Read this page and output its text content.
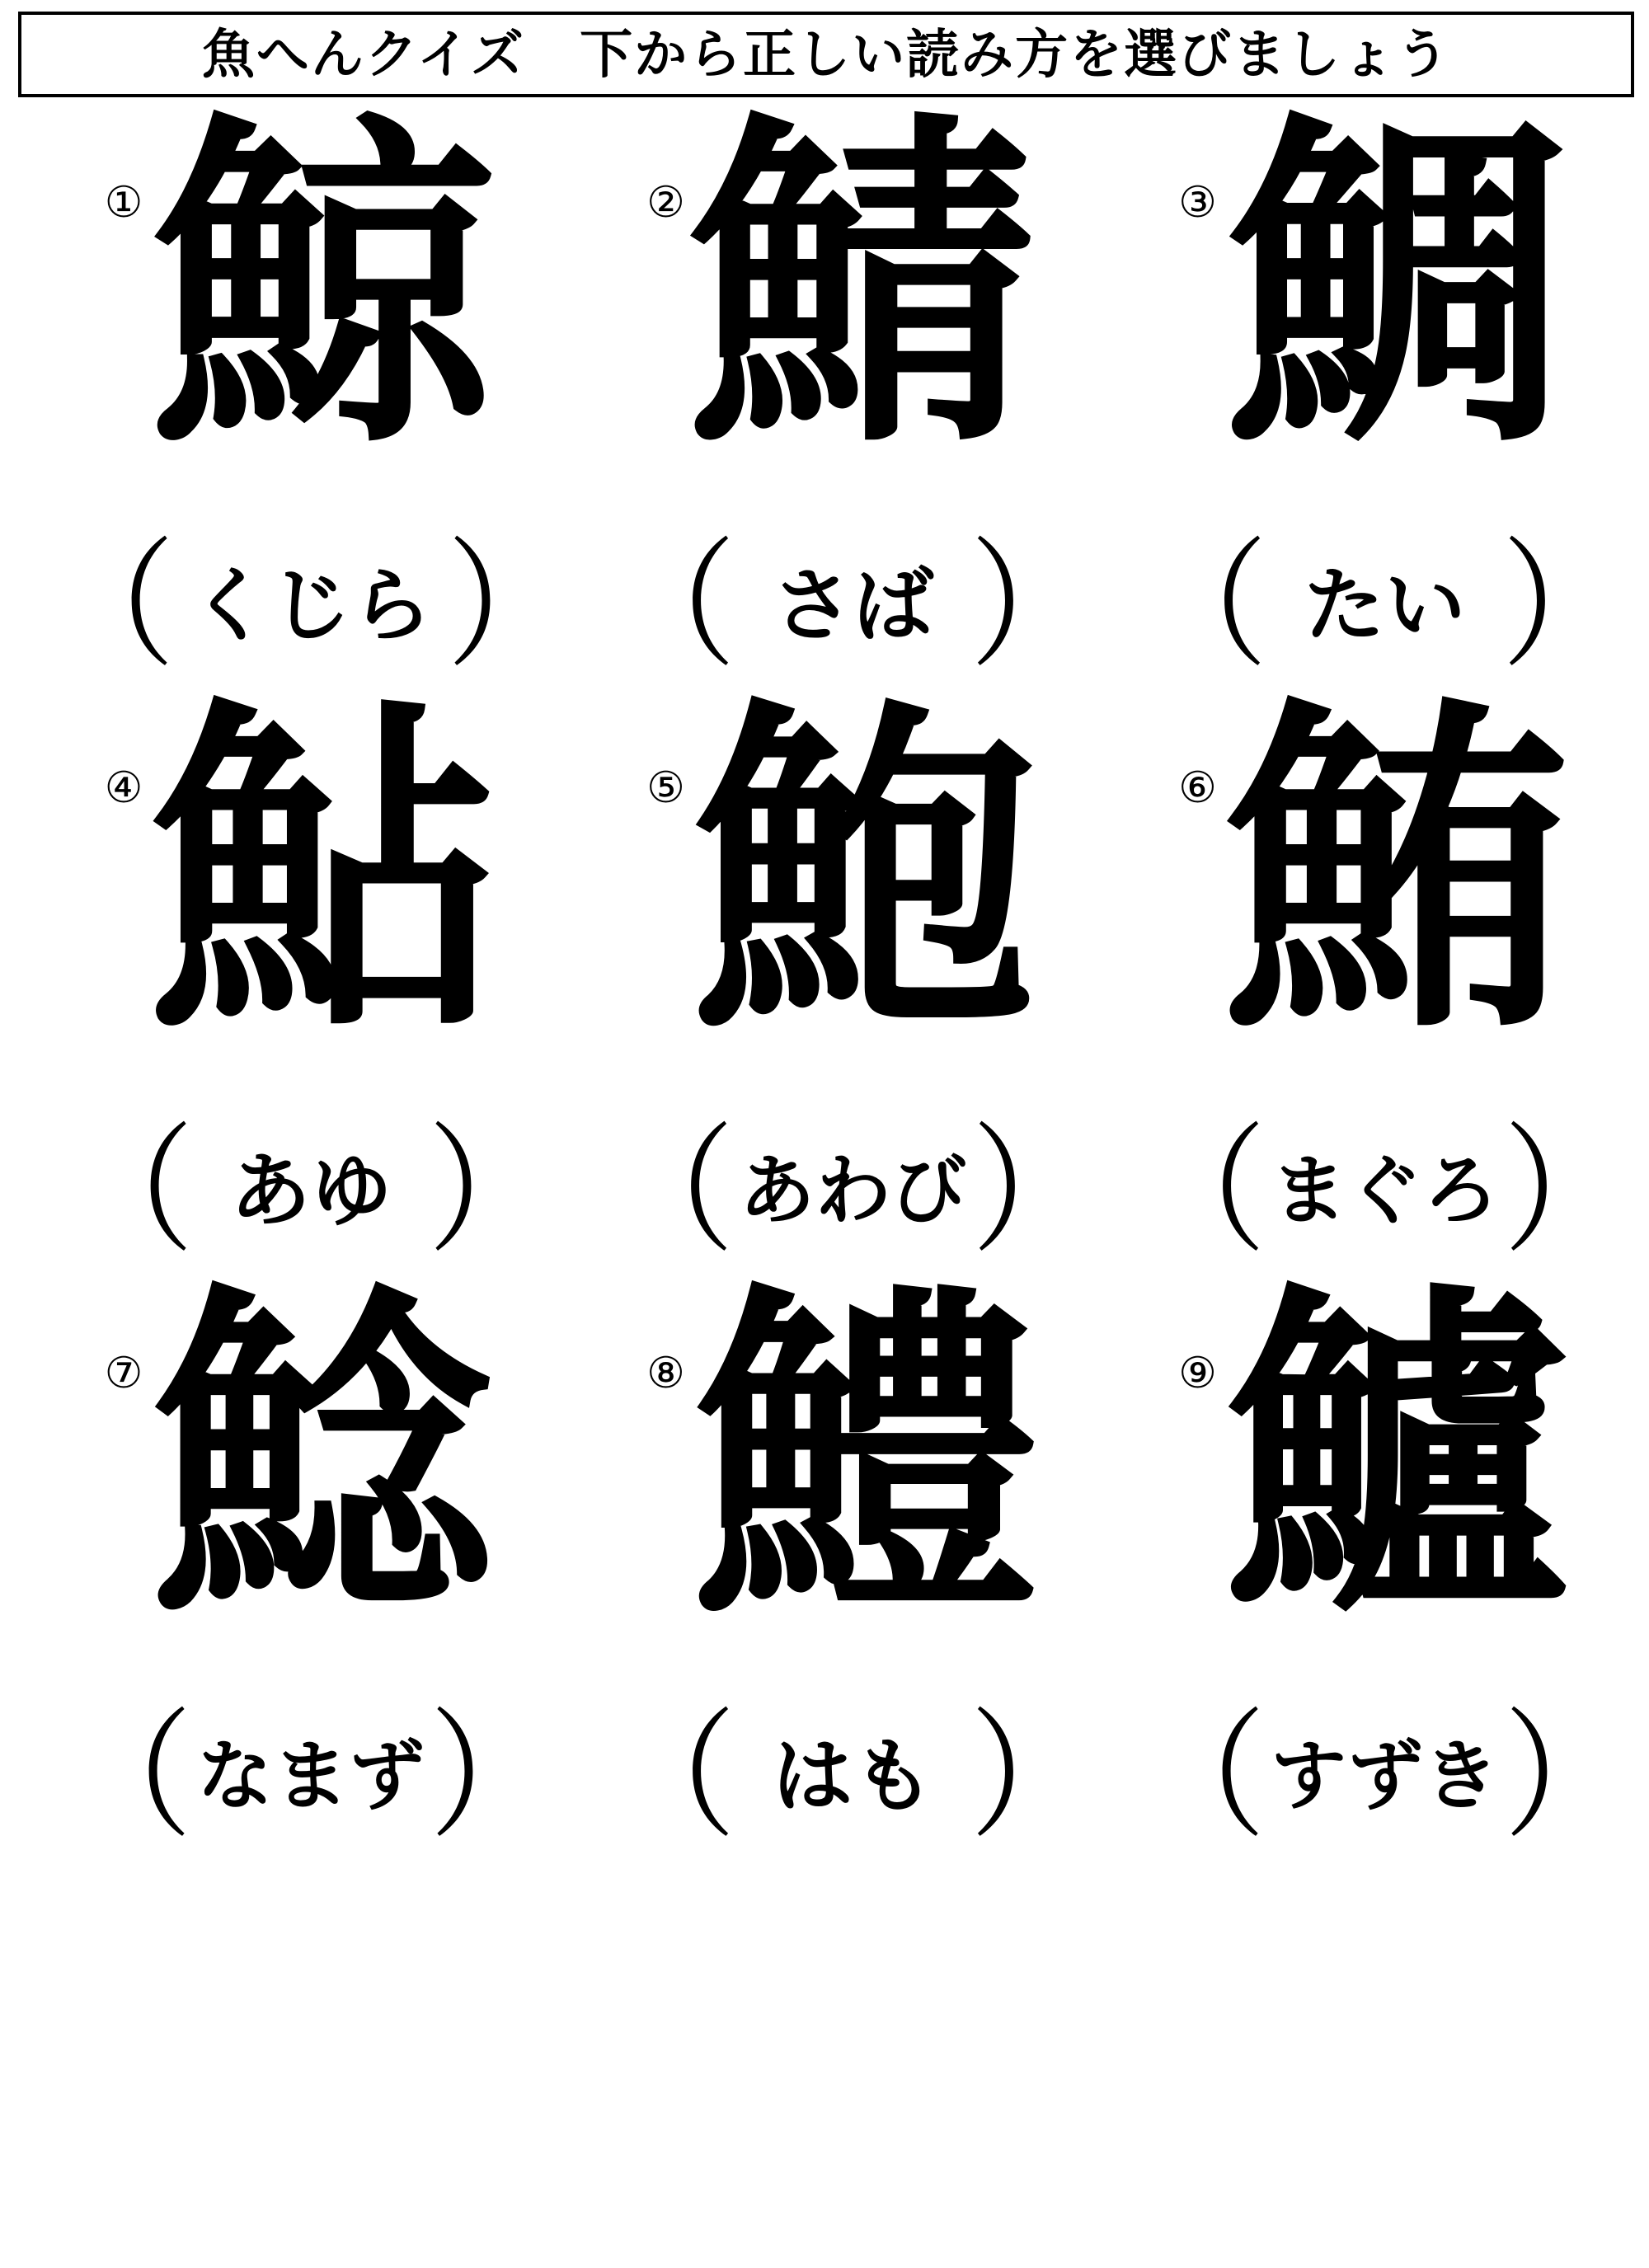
魚へんクイズ　下から正しい読み方を選びましょう
① 鯨
（ くじら ）
② 鯖
（ さば ）
③ 鯛
（ たい ）
④ 鮎
（ あゆ ）
⑤ 鮑
（ あわび ）
⑥ 鮪
（ まぐろ ）
⑦ 鯰
（ なまず ）
⑧ 鱧
（ はも ）
⑨ 鱸
（ すずき ）
